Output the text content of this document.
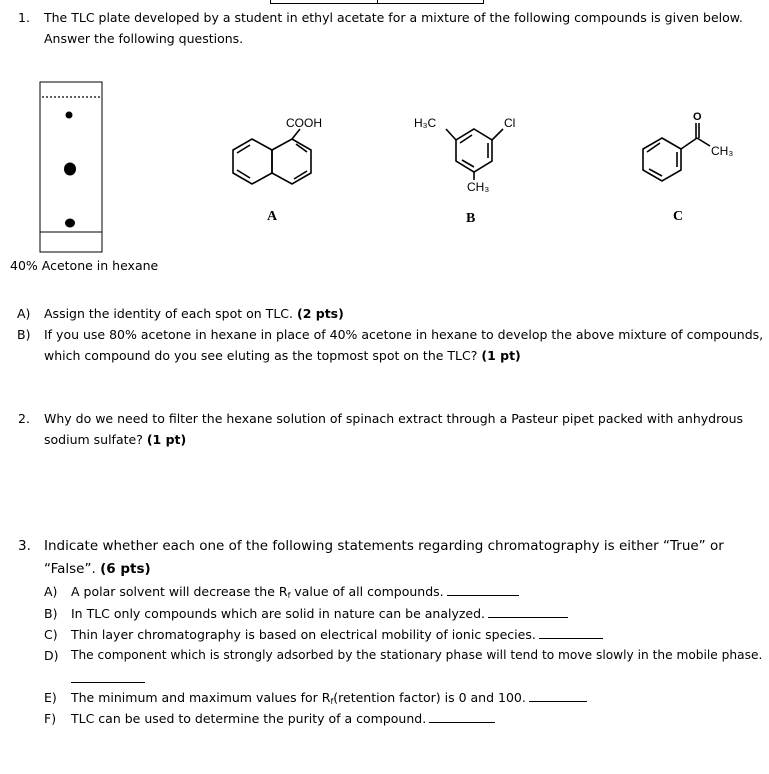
1. The TLC plate developed by a student in ethyl acetate for a mixture of the following compounds is given below.
Answer the following questions.
40% Acetone in hexane
COOH
A
H₃C	Cl
CH₃
B
O
CH₃
C
A) Assign the identity of each spot on TLC. (2 pts)
B) If you use 80% acetone in hexane in place of 40% acetone in hexane to develop the above mixture of compounds,
which compound do you see eluting as the topmost spot on the TLC? (1 pt)
2. Why do we need to filter the hexane solution of spinach extract through a Pasteur pipet packed with anhydrous
sodium sulfate? (1 pt)
3. Indicate whether each one of the following statements regarding chromatography is either “True” or
“False”. (6 pts)
A) A polar solvent will decrease the $R_f$ value of all compounds.
B) In TLC only compounds which are solid in nature can be analyzed.
C) Thin layer chromatography is based on electrical mobility of ionic species.
D) The component which is strongly adsorbed by the stationary phase will tend to move slowly in the mobile phase.
E) The minimum and maximum values for $R_f(retention$ factor) is 0 and 100.
F) TLC can be used to determine the purity of a compound.
